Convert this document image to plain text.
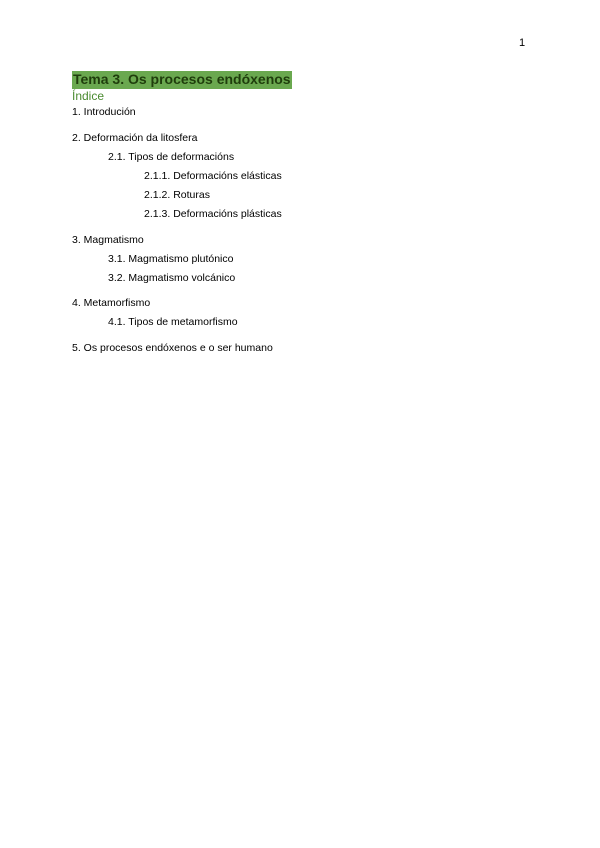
1
Tema 3. Os procesos endóxenos
Índice
1. Introdución
2. Deformación da litosfera
2.1. Tipos de deformacións
2.1.1. Deformacións elásticas
2.1.2. Roturas
2.1.3. Deformacións plásticas
3. Magmatismo
3.1. Magmatismo plutónico
3.2. Magmatismo volcánico
4. Metamorfismo
4.1. Tipos de metamorfismo
5. Os procesos endóxenos e o ser humano
